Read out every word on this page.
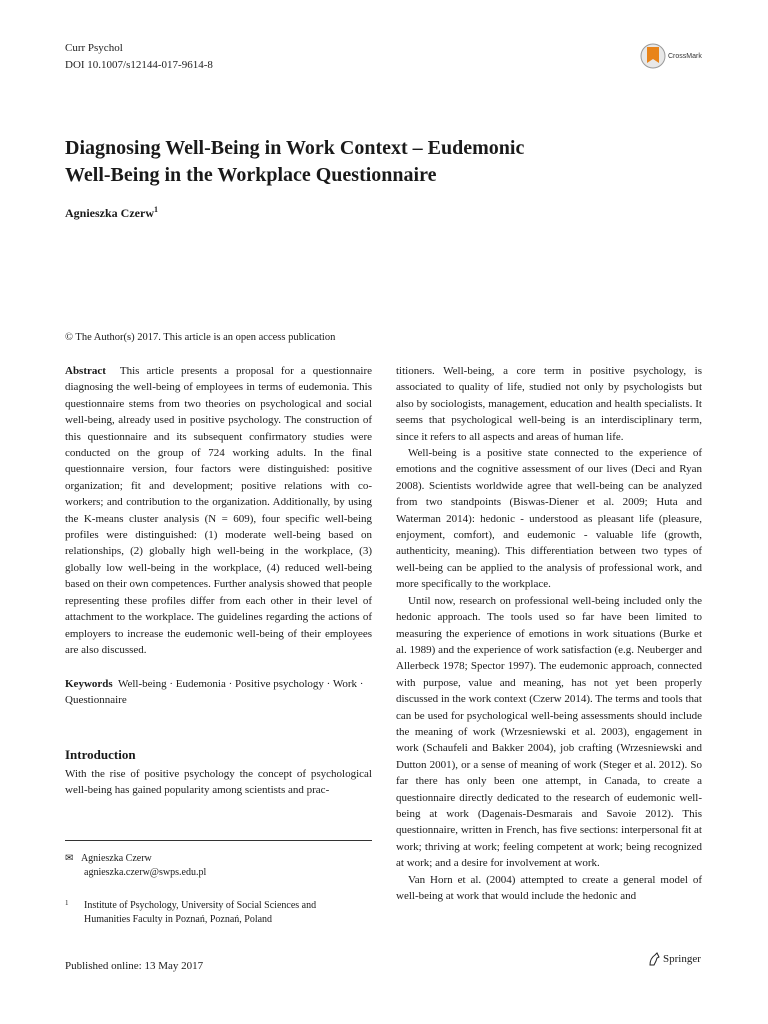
Curr Psychol
DOI 10.1007/s12144-017-9614-8
CrossMark
Diagnosing Well-Being in Work Context – Eudemonic
Well-Being in the Workplace Questionnaire
Agnieszka Czerw$^1$
© The Author(s) 2017. This article is an open access publication

Abstract This article presents a proposal for a questionnaire diagnosing the well-being of employees in terms of eudemonia. This questionnaire stems from two theories on psychological and social well-being, already used in positive psychology. The construction of this questionnaire and its subsequent confirmatory studies were conducted on the group of 724 working adults. In the final questionnaire version, four factors were distinguished: positive organization; fit and development; positive relations with co-workers; and contribution to the organization. Additionally, by using the K-means cluster analysis (N = 609), four specific well-being profiles were distinguished: (1) moderate well-being based on relationships, (2) globally high well-being in the workplace, (3) globally low well-being in the workplace, (4) reduced well-being based on their own competences. Further analysis showed that people representing these profiles differ from each other in their level of attachment to the workplace. The guidelines regarding the actions of employers to increase the eudemonic well-being of their employees are also discussed.

Keywords Well-being · Eudemonia · Positive psychology · Work · Questionnaire
Introduction

With the rise of positive psychology the concept of psychological well-being has gained popularity among scientists and prac-

✉ Agnieszka Czerw
agnieszka.czerw@swps.edu.pl
1 Institute of Psychology, University of Social Sciences and
Humanities Faculty in Poznań, Poznań, Poland
Published online: 13 May 2017
Springer

titioners. Well-being, a core term in positive psychology, is associated to quality of life, studied not only by psychologists but also by sociologists, management, education and health specialists. It seems that psychological well-being is an interdisciplinary term, since it refers to all aspects and areas of human life.

Well-being is a positive state connected to the experience of emotions and the cognitive assessment of our lives (Deci and Ryan 2008). Scientists worldwide agree that well-being can be analyzed from two standpoints (Biswas-Diener et al. 2009; Huta and Waterman 2014): hedonic - understood as pleasant life (pleasure, enjoyment, comfort), and eudemonic - valuable life (growth, authenticity, meaning). This differentiation between two types of well-being can be applied to the analysis of professional work, and more specifically to the workplace.

Until now, research on professional well-being included only the hedonic approach. The tools used so far have been limited to measuring the experience of emotions in work situations (Burke et al. 1989) and the experience of work satisfaction (e.g. Neuberger and Allerbeck 1978; Spector 1997). The eudemonic approach, connected with purpose, value and meaning, has not yet been properly discussed in the work context (Czerw 2014). The terms and tools that can be used for psychological well-being assessments should include the meaning of work (Wrzesniewski et al. 2003), engagement in work (Schaufeli and Bakker 2004), job crafting (Wrzesniewski and Dutton 2001), or a sense of meaning of work (Steger et al. 2012). So far there has only been one attempt, in Canada, to create a questionnaire directly dedicated to the research of eudemonic well-being at work (Dagenais-Desmarais and Savoie 2012). This questionnaire, written in French, has five sections: interpersonal fit at work; thriving at work; feeling competent at work; being recognized at work; and a desire for involvement at work.

Van Horn et al. (2004) attempted to create a general model of well-being at work that would include the hedonic and
